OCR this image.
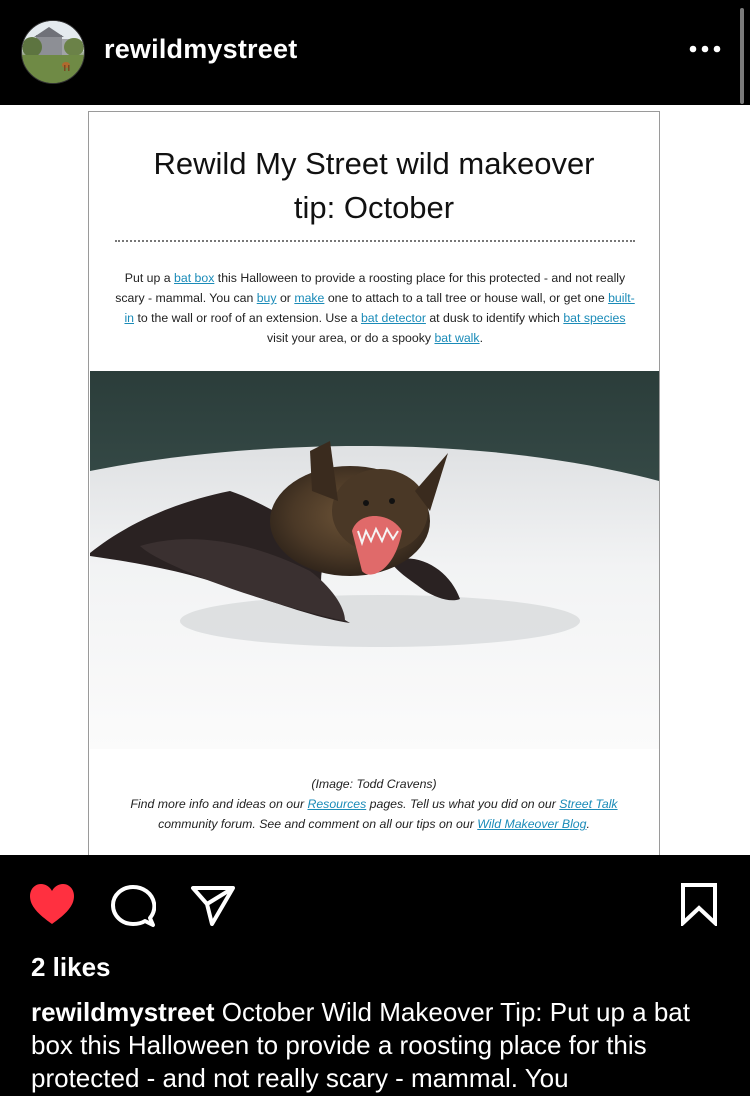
rewildmystreet
Rewild My Street wild makeover
tip: October
Put up a bat box this Halloween to provide a roosting place for this protected - and not really scary - mammal. You can buy or make one to attach to a tall tree or house wall, or get one built-in to the wall or roof of an extension. Use a bat detector at dusk to identify which bat species visit your area, or do a spooky bat walk.
(Image: Todd Cravens)
Find more info and ideas on our Resources pages. Tell us what you did on our Street Talk community forum. See and comment on all our tips on our Wild Makeover Blog.
2 likes
rewildmystreet October Wild Makeover Tip: Put up a bat box this Halloween to provide a roosting place for this protected - and not really scary - mammal. You
